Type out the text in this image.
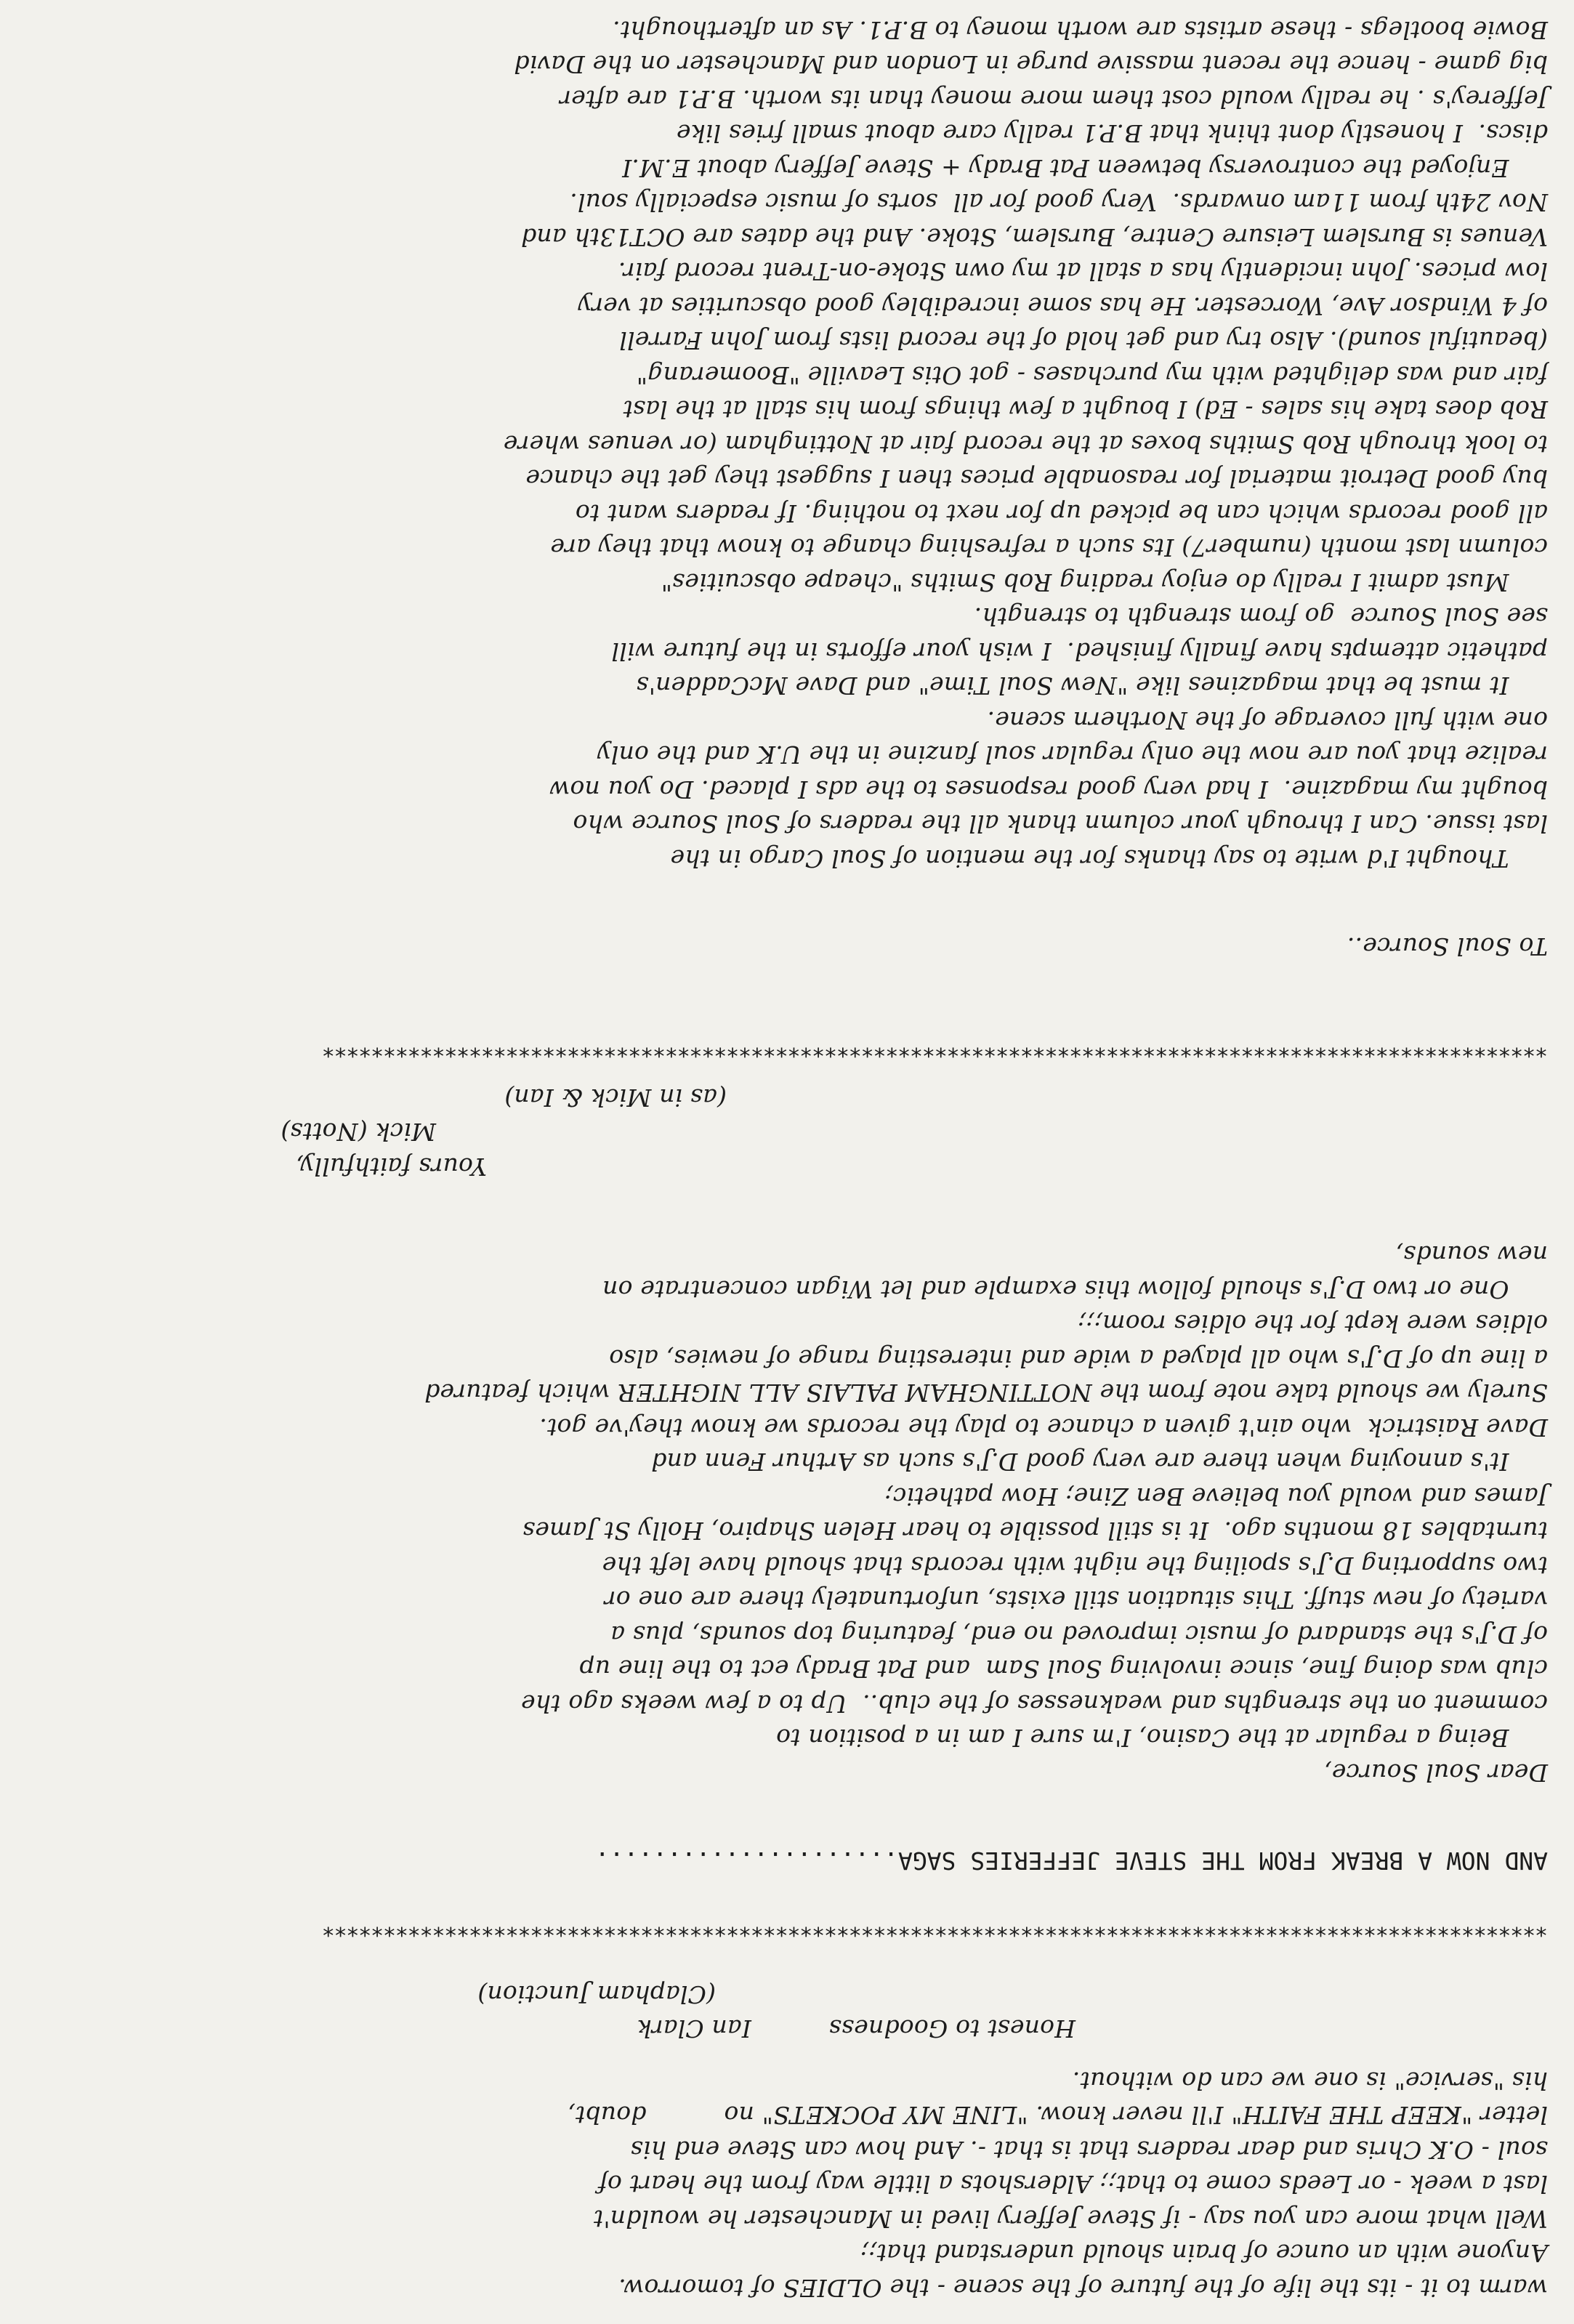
warm to it - its the life of the future of the scene - the OLDIES of tomorrow.

Anyone with an ounce of brain should understand that;;

Well what more can you say - if Steve Jeffery lived in Manchester he wouldn't

last a week - or Leeds come to that;; Aldershots a little way from the heart of

soul - O.K Chris and dear readers that is that -. And how can Steve end his

letter "KEEP THE FAITH" I'll never know. "LINE MY POCKETS" no          doubt,

his "service" is one we can do without.

Honest to Goodness          Ian Clark

(Clapham Junction)

****************************************************************************************************

AND NOW A BREAK FROM THE STEVE JEFFERIES SAGA.....................

Dear Soul Source,

Being a regular at the Casino, I'm sure I am in a position to

comment on the strengths and weaknesses of the club..  Up to a few weeks ago the

club was doing fine, since involving Soul Sam  and Pat Brady ect to the line up

of D.J's the standard of music improved no end, featuring top sounds, plus a

variety of new stuff. This situation still exists, unfortunately there are one or

two supporting D.J's spoiling the night with records that should have left the

turntables 18 months ago.  It is still possible to hear Helen Shapiro, Holly St James

James and would you believe Ben Zine; How pathetic;

It's annoying when there are very good D.J's such as Arthur Fenn and

Dave Raistrick  who ain't given a chance to play the records we know they've got.

Surely we should take note from the NOTTINGHAM PALAIS ALL NIGHTER which featured

a line up of D.J's who all played a wide and interesting range of newies, also

oldies were kept for the oldies room;;;

One or two D.J's should follow this example and let Wigan concentrate on

new sounds,

Yours faithfully,

Mick (Notts)

(as in Mick & Ian)

****************************************************************************************************

To Soul Source..

Thought I'd write to say thanks for the mention of Soul Cargo in the

last issue. Can I through your column thank all the readers of Soul Source who

bought my magazine.  I had very good responses to the ads I placed. Do you now

realize that you are now the only regular soul fanzine in the U.K and the only

one with full coverage of the Northern scene.

It must be that magazines like "New Soul Time" and Dave McCadden's

pathetic attempts have finally finished.  I wish your efforts in the future will

see Soul Source  go from strength to strength.

Must admit I really do enjoy reading Rob Smiths "cheape obscuities"

column last month (number7) Its such a refreshing change to know that they are

all good records which can be picked up for next to nothing. If readers want to

buy good Detroit material for reasonable prices then I suggest they get the chance

to look through Rob Smiths boxes at the record fair at Nottingham (or venues where

Rob does take his sales - Ed) I bought a few things from his stall at the last

fair and was delighted with my purchases - got Otis Leaville "Boomerang"

(beautiful sound). Also try and get hold of the record lists from John Farrell

of 4 Windsor Ave, Worcester. He has some incredibley good obscurities at very

low prices. John incidently has a stall at my own Stoke-on-Trent record fair.

Venues is Burslem Leisure Centre, Burslem, Stoke. And the dates are OCT13th and

Nov 24th from 11am onwards.  Very good for all  sorts of music especially soul.

Enjoyed the controversy between Pat Brady + Steve Jeffery about E.M.I

discs.  I honestly dont think that B.P.1 really care about small fries like

Jefferey's . he really would cost them more money than its worth. B.P.1 are after

big game - hence the recent massive purge in London and Manchester on the David

Bowie bootlegs - these artists are worth money to B.P.1. As an afterthought.
